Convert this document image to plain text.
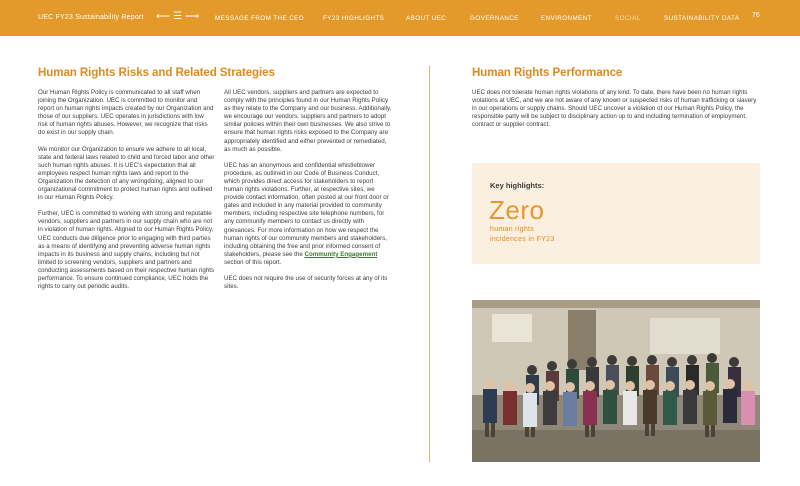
UEC FY23 Sustainability Report ⟵ ☰ ⟶	MESSAGE FROM THE CEO	FY23 HIGHLIGHTS	ABOUT UEC	GOVERNANCE	ENVIRONMENT	SOCIAL	SUSTAINABILITY DATA 76
Human Rights Risks and Related Strategies

Our Human Rights Policy is communicated to all staff when joining the Organization. UEC is committed to monitor and report on human rights impacts created by our Organization and those of our suppliers. UEC operates in jurisdictions with low risk of human rights abuses. However, we recognize that risks do exist in our supply chain.

We monitor our Organization to ensure we adhere to all local, state and federal laws related to child and forced labor and other such human rights abuses. It is UEC's expectation that all employees respect human rights laws and report to the Organization the detection of any wrongdoing, aligned to our organizational commitment to protect human rights and outlined in our Human Rights Policy.

Further, UEC is committed to working with strong and reputable vendors, suppliers and partners in our supply chain who are not in violation of human rights. Aligned to our Human Rights Policy, UEC conducts due diligence prior to engaging with third parties as a means of identifying and preventing adverse human rights impacts in its business and supply chains, including but not limited to screening vendors, suppliers and partners and conducting assessments based on their respective human rights performance. To ensure continued compliance, UEC holds the rights to carry out periodic audits.

All UEC vendors, suppliers and partners are expected to comply with the principles found in our Human Rights Policy as they relate to the Company and our business. Additionally, we encourage our vendors, suppliers and partners to adopt similar policies within their own businesses. We also strive to ensure that human rights risks exposed to the Company are appropriately identified and either prevented or remediated, as much as possible.

UEC has an anonymous and confidential whistleblower procedure, as outlined in our Code of Business Conduct, which provides direct access for stakeholders to report human rights violations. Further, at respective sites, we provide contact information, often posted at our front door or gates and included in any material provided to community members, including respective site telephone numbers, for any community members to contact us directly with grievances. For more information on how we respect the human rights of our community members and stakeholders, including obtaining the free and prior informed consent of stakeholders, please see the Community Engagement section of this report.

UEC does not require the use of security forces at any of its sites.

Human Rights Performance
UEC does not tolerate human rights violations of any kind. To date, there have been no human rights violations at UEC, and we are not aware of any known or suspected risks of human trafficking or slavery in our operations or supply chains. Should UEC uncover a violation of our Human Rights Policy, the responsible party will be subject to disciplinary action up to and including termination of employment, contract or supplier contract.
Key highlights:
Zero
human rights
incidences in FY23
